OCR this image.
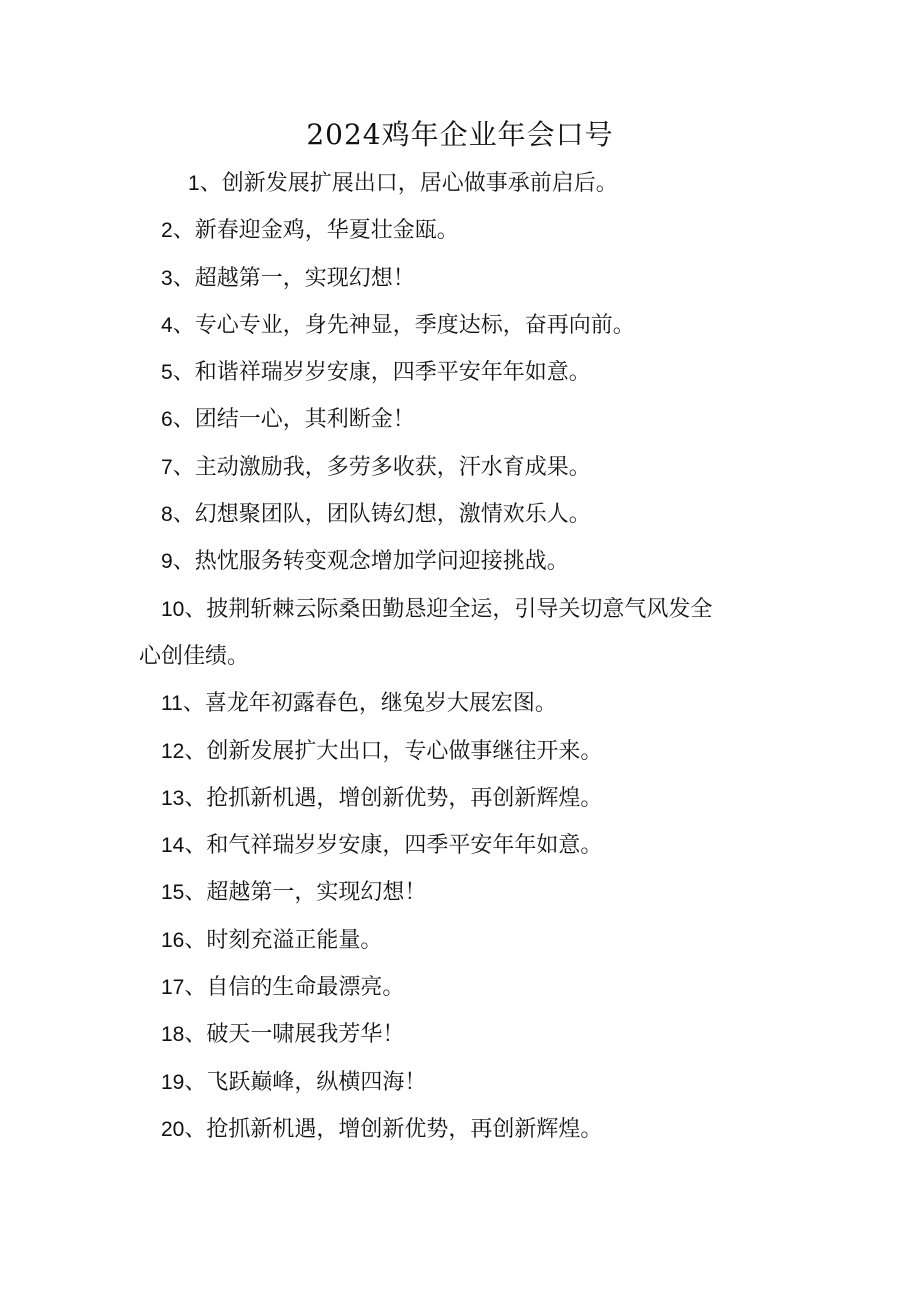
2024鸡年企业年会口号
1、创新发展扩展出口，居心做事承前启后。
2、新春迎金鸡，华夏壮金瓯。
3、超越第一，实现幻想！
4、专心专业，身先神显，季度达标，奋再向前。
5、和谐祥瑞岁岁安康，四季平安年年如意。
6、团结一心，其利断金！
7、主动激励我，多劳多收获，汗水育成果。
8、幻想聚团队，团队铸幻想，激情欢乐人。
9、热忱服务转变观念增加学问迎接挑战。
10、披荆斩棘云际桑田勤恳迎全运，引导关切意气风发全
心创佳绩。
11、喜龙年初露春色，继兔岁大展宏图。
12、创新发展扩大出口，专心做事继往开来。
13、抢抓新机遇，增创新优势，再创新辉煌。
14、和气祥瑞岁岁安康，四季平安年年如意。
15、超越第一，实现幻想！
16、时刻充溢正能量。
17、自信的生命最漂亮。
18、破天一啸展我芳华！
19、飞跃巅峰，纵横四海！
20、抢抓新机遇，增创新优势，再创新辉煌。
